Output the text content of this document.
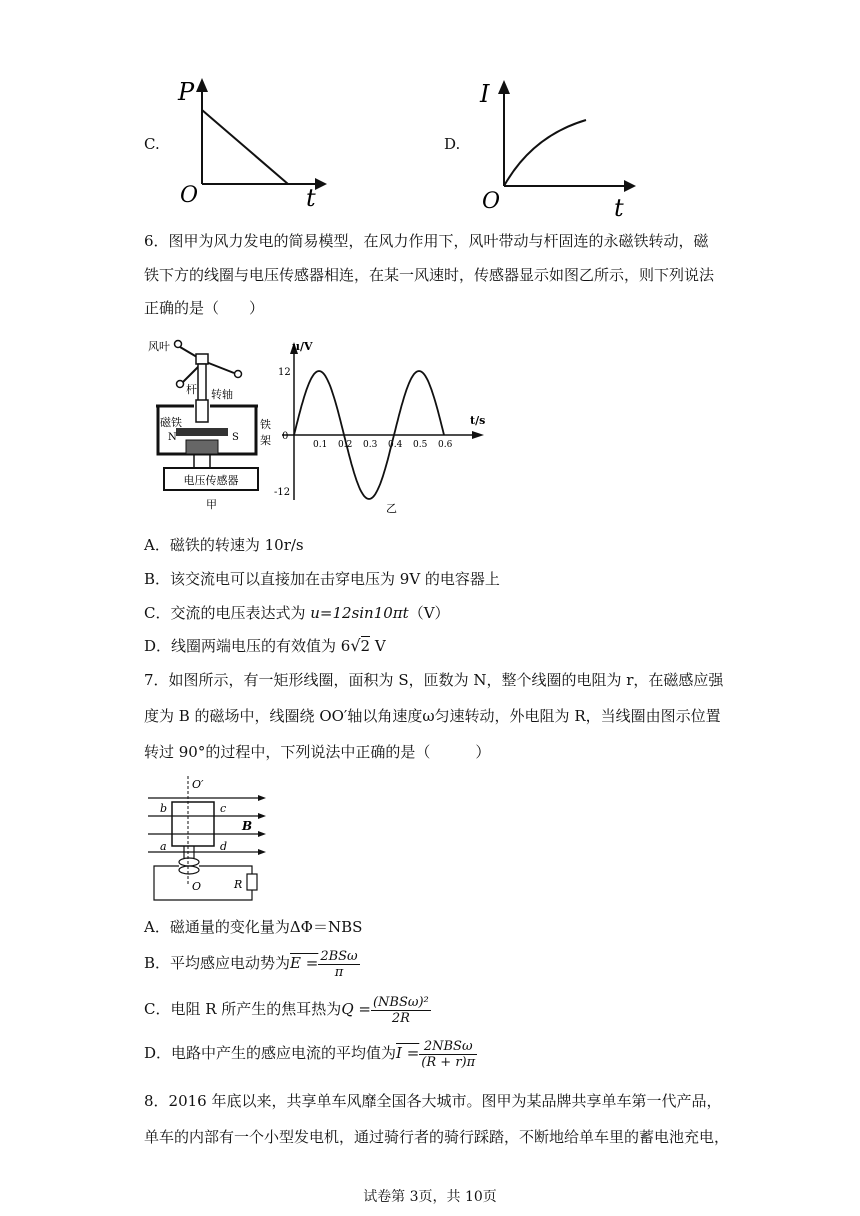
C.
P
O	t
D.
I
O	t
6．图甲为风力发电的简易模型，在风力作用下，风叶带动与杆固连的永磁铁转动，磁
铁下方的线圈与电压传感器相连，在某一风速时，传感器显示如图乙所示，则下列说法
正确的是（　　）
风叶
杆 转轴
磁铁
N	S
铁
架
电压传感器
甲
u/V
t/s
12
0
-12
0.1 0.2 0.3 0.4 0.5 0.6
乙
A．磁铁的转速为 10r/s
B．该交流电可以直接加在击穿电压为 9V 的电容器上
C．交流的电压表达式为 u=12sin10πt（V）
D．线圈两端电压的有效值为 6√2 V
7．如图所示，有一矩形线圈，面积为 S，匝数为 N，整个线圈的电阻为 r，在磁感应强
度为 B 的磁场中，线圈绕 OO′轴以角速度ω匀速转动，外电阻为 R，当线圈由图示位置
转过 90°的过程中，下列说法中正确的是（　　　）
O′
b	c
a	d
B
R
O
A．磁通量的变化量为ΔΦ＝NBS
B．平均感应电动势为$E = \frac{\text{2BSω}}{\pi}$
C．电阻 R 所产生的焦耳热为$Q = \frac{\text{(NBSω)²}}{2R}$
D．电路中产生的感应电流的平均值为$I = \frac{\text{2NBSω}}{(R + r)\pi}$
8．2016 年底以来，共享单车风靡全国各大城市。图甲为某品牌共享单车第一代产品，
单车的内部有一个小型发电机，通过骑行者的骑行踩踏，不断地给单车里的蓄电池充电，
试卷第 3页，共 10页
